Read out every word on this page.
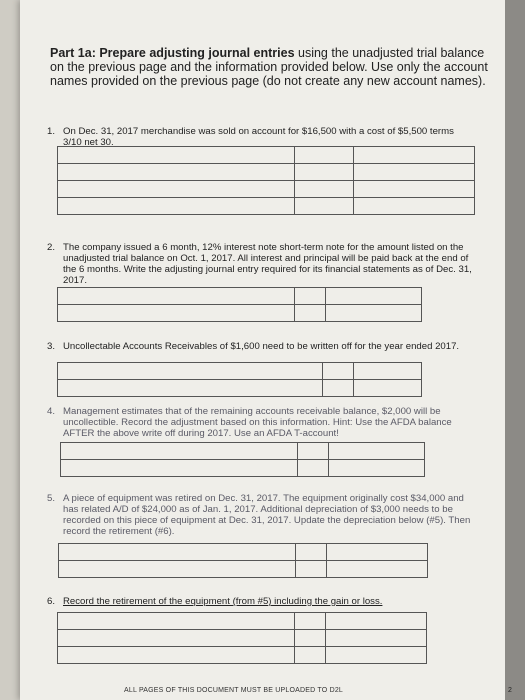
Part 1a: Prepare adjusting journal entries using the unadjusted trial balance on the previous page and the information provided below. Use only the account names provided on the previous page (do not create any new account names).
1. On Dec. 31, 2017 merchandise was sold on account for $16,500 with a cost of $5,500 terms 3/10 net 30.

2. The company issued a 6 month, 12% interest note short-term note for the amount listed on the unadjusted trial balance on Oct. 1, 2017. All interest and principal will be paid back at the end of the 6 months. Write the adjusting journal entry required for its financial statements as of Dec. 31, 2017.

3. Uncollectable Accounts Receivables of $1,600 need to be written off for the year ended 2017.

4. Management estimates that of the remaining accounts receivable balance, $2,000 will be uncollectible. Record the adjustment based on this information. Hint: Use the AFDA balance AFTER the above write off during 2017. Use an AFDA T-account!

5. A piece of equipment was retired on Dec. 31, 2017. The equipment originally cost $34,000 and has related A/D of $24,000 as of Jan. 1, 2017. Additional depreciation of $3,000 needs to be recorded on this piece of equipment at Dec. 31, 2017. Update the depreciation below (#5). Then record the retirement (#6).

6. Record the retirement of the equipment (from #5) including the gain or loss.

ALL PAGES OF THIS DOCUMENT MUST BE UPLOADED TO D2L	2
